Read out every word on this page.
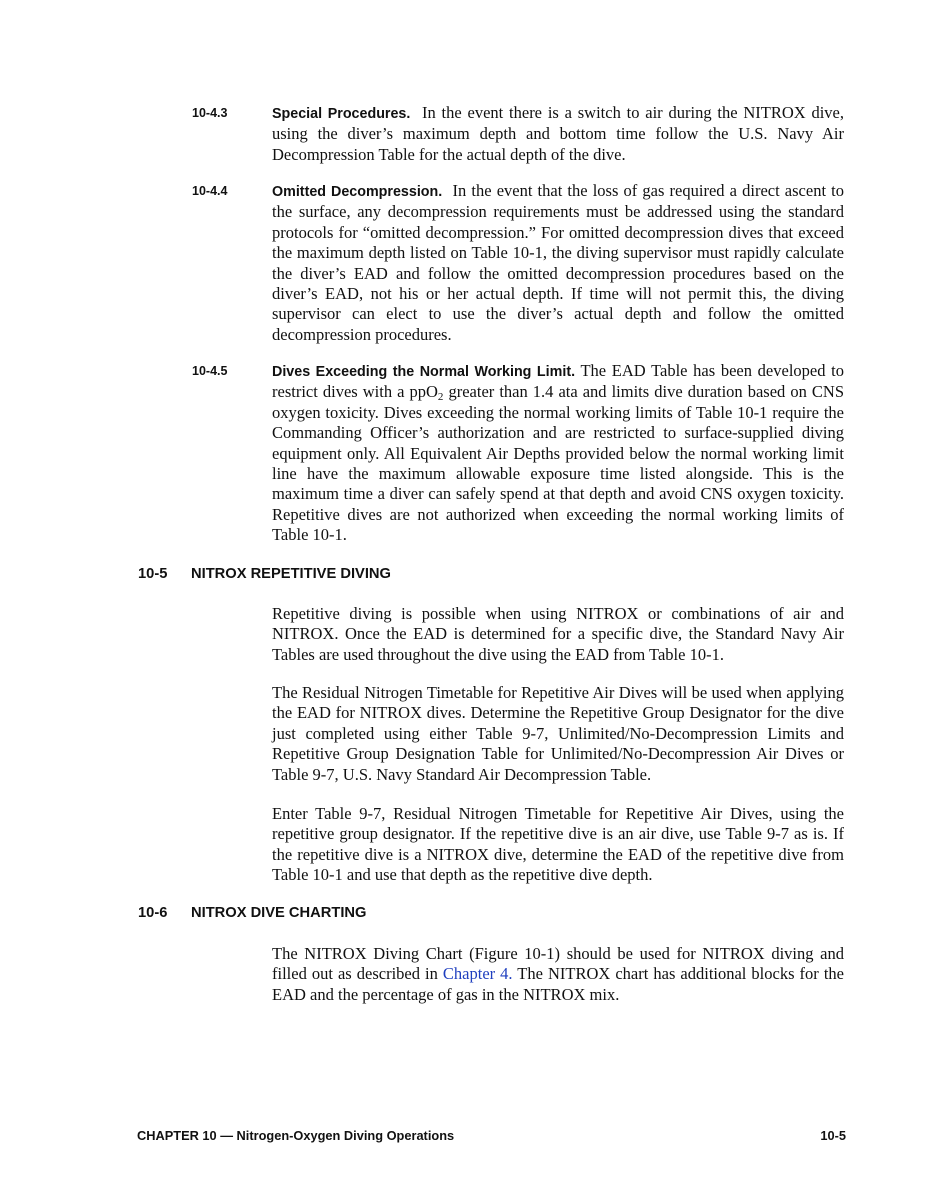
10-4.3	Special Procedures. In the event there is a switch to air during the NITROX dive, using the diver’s maximum depth and bottom time follow the U.S. Navy Air Decompression Table for the actual depth of the dive.
10-4.4	Omitted Decompression. In the event that the loss of gas required a direct ascent to the surface, any decompression requirements must be addressed using the standard protocols for “omitted decompression.” For omitted decompression dives that exceed the maximum depth listed on Table 10-1, the diving supervisor must rapidly calculate the diver’s EAD and follow the omitted decompression procedures based on the diver’s EAD, not his or her actual depth. If time will not permit this, the diving supervisor can elect to use the diver’s actual depth and follow the omitted decompression procedures.
10-4.5	Dives Exceeding the Normal Working Limit. The EAD Table has been developed to restrict dives with a ppO$_2$ greater than 1.4 ata and limits dive duration based on CNS oxygen toxicity. Dives exceeding the normal working limits of Table 10-1 require the Commanding Officer’s authorization and are restricted to surface-supplied diving equipment only. All Equivalent Air Depths provided below the normal working limit line have the maximum allowable exposure time listed alongside. This is the maximum time a diver can safely spend at that depth and avoid CNS oxygen toxicity. Repetitive dives are not authorized when exceeding the normal working limits of Table 10-1.
10-5 NITROX REPETITIVE DIVING
Repetitive diving is possible when using NITROX or combinations of air and NITROX. Once the EAD is determined for a specific dive, the Standard Navy Air Tables are used throughout the dive using the EAD from Table 10-1.
The Residual Nitrogen Timetable for Repetitive Air Dives will be used when applying the EAD for NITROX dives. Determine the Repetitive Group Designator for the dive just completed using either Table 9-7, Unlimited/No-Decompression Limits and Repetitive Group Designation Table for Unlimited/No-Decompression Air Dives or Table 9-7, U.S. Navy Standard Air Decompression Table.
Enter Table 9-7, Residual Nitrogen Timetable for Repetitive Air Dives, using the repetitive group designator. If the repetitive dive is an air dive, use Table 9-7 as is. If the repetitive dive is a NITROX dive, determine the EAD of the repetitive dive from Table 10-1 and use that depth as the repetitive dive depth.
10-6 NITROX DIVE CHARTING
The NITROX Diving Chart (Figure 10-1) should be used for NITROX diving and filled out as described in Chapter 4. The NITROX chart has additional blocks for the EAD and the percentage of gas in the NITROX mix.
CHAPTER 10 — Nitrogen-Oxygen Diving Operations	10-5
